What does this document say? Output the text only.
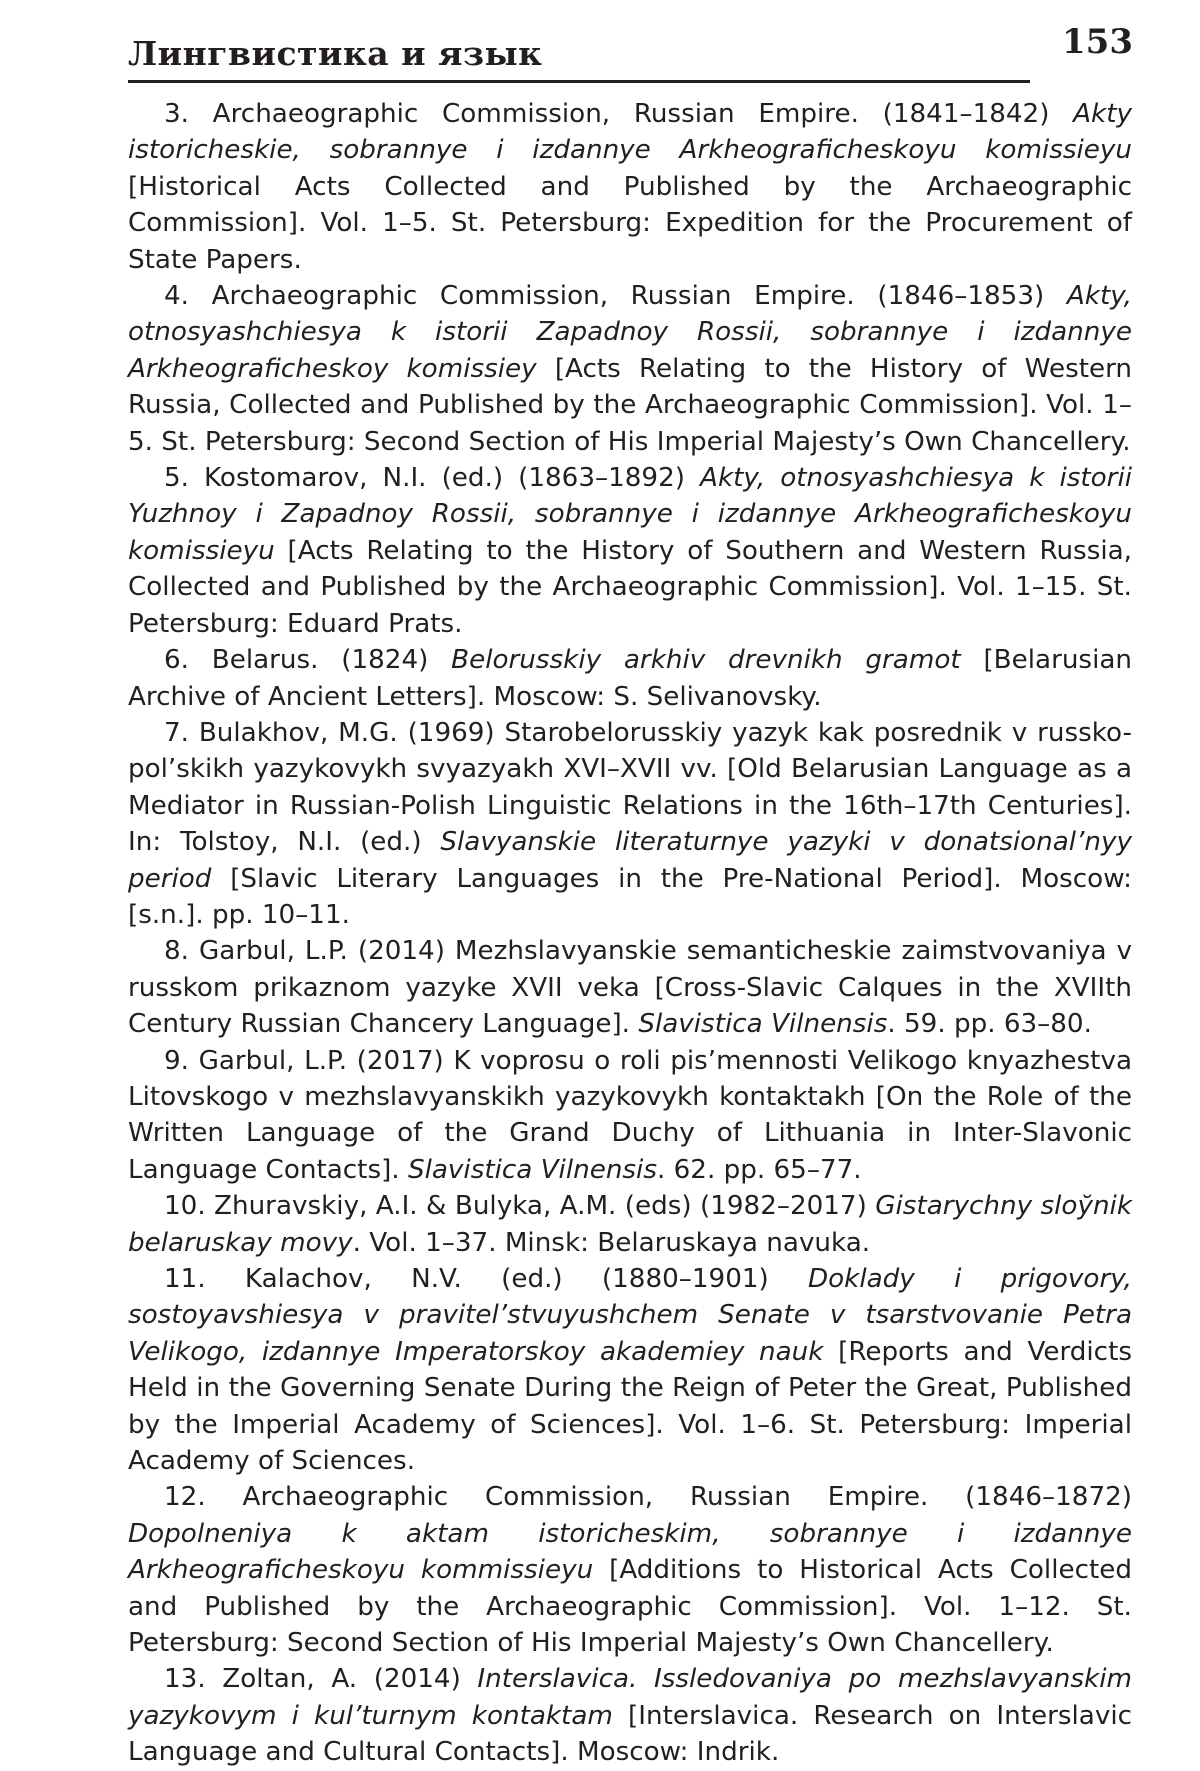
Лингвистика и язык	153

3. Archaeographic Commission, Russian Empire. (1841–1842) Akty istoricheskie, sobrannye i izdannye Arkheograficheskoyu komissieyu [Historical Acts Collected and Published by the Archaeographic Commission]. Vol. 1–5. St. Petersburg: Expedition for the Procurement of State Papers.

4. Archaeographic Commission, Russian Empire. (1846–1853) Akty, otnosyashchiesya k istorii Zapadnoy Rossii, sobrannye i izdannye Arkheograficheskoy komissiey [Acts Relating to the History of Western Russia, Collected and Published by the Archaeographic Commission]. Vol. 1–5. St. Petersburg: Second Section of His Imperial Majesty’s Own Chancellery.

5. Kostomarov, N.I. (ed.) (1863–1892) Akty, otnosyashchiesya k istorii Yuzhnoy i Zapadnoy Rossii, sobrannye i izdannye Arkheograficheskoyu komissieyu [Acts Relating to the History of Southern and Western Russia, Collected and Published by the Archaeographic Commission]. Vol. 1–15. St. Petersburg: Eduard Prats.

6. Belarus. (1824) Belorusskiy arkhiv drevnikh gramot [Belarusian Archive of Ancient Letters]. Moscow: S. Selivanovsky.

7. Bulakhov, M.G. (1969) Starobelorusskiy yazyk kak posrednik v russko-pol’skikh yazykovykh svyazyakh XVI–XVII vv. [Old Belarusian Language as a Mediator in Russian-Polish Linguistic Relations in the 16th–17th Centuries]. In: Tolstoy, N.I. (ed.) Slavyanskie literaturnye yazyki v donatsional’nyy period [Slavic Literary Languages in the Pre-National Period]. Moscow: [s.n.]. pp. 10–11.

8. Garbul, L.P. (2014) Mezhslavyanskie semanticheskie zaimstvovaniya v russkom prikaznom yazyke XVII veka [Cross-Slavic Calques in the XVIIth Century Russian Chancery Language]. Slavistica Vilnensis. 59. pp. 63–80.

9. Garbul, L.P. (2017) K voprosu o roli pis’mennosti Velikogo knyazhestva Litovskogo v mezhslavyanskikh yazykovykh kontaktakh [On the Role of the Written Language of the Grand Duchy of Lithuania in Inter-Slavonic Language Contacts]. Slavistica Vilnensis. 62. pp. 65–77.

10. Zhuravskiy, A.I. & Bulyka, A.M. (eds) (1982–2017) Gistarychny sloўnik belaruskay movy. Vol. 1–37. Minsk: Belaruskaya navuka.

11. Kalachov, N.V. (ed.) (1880–1901) Doklady i prigovory, sostoyavshiesya v pravitel’stvuyushchem Senate v tsarstvovanie Petra Velikogo, izdannye Imperatorskoy akademiey nauk [Reports and Verdicts Held in the Governing Senate During the Reign of Peter the Great, Published by the Imperial Academy of Sciences]. Vol. 1–6. St. Petersburg: Imperial Academy of Sciences.

12. Archaeographic Commission, Russian Empire. (1846–1872) Dopolneniya k aktam istoricheskim, sobrannye i izdannye Arkheograficheskoyu kommissieyu [Additions to Historical Acts Collected and Published by the Archaeographic Commission]. Vol. 1–12. St. Petersburg: Second Section of His Imperial Majesty’s Own Chancellery.

13. Zoltan, A. (2014) Interslavica. Issledovaniya po mezhslavyanskim yazykovym i kul’turnym kontaktam [Interslavica. Research on Interslavic Language and Cultural Contacts]. Moscow: Indrik.
